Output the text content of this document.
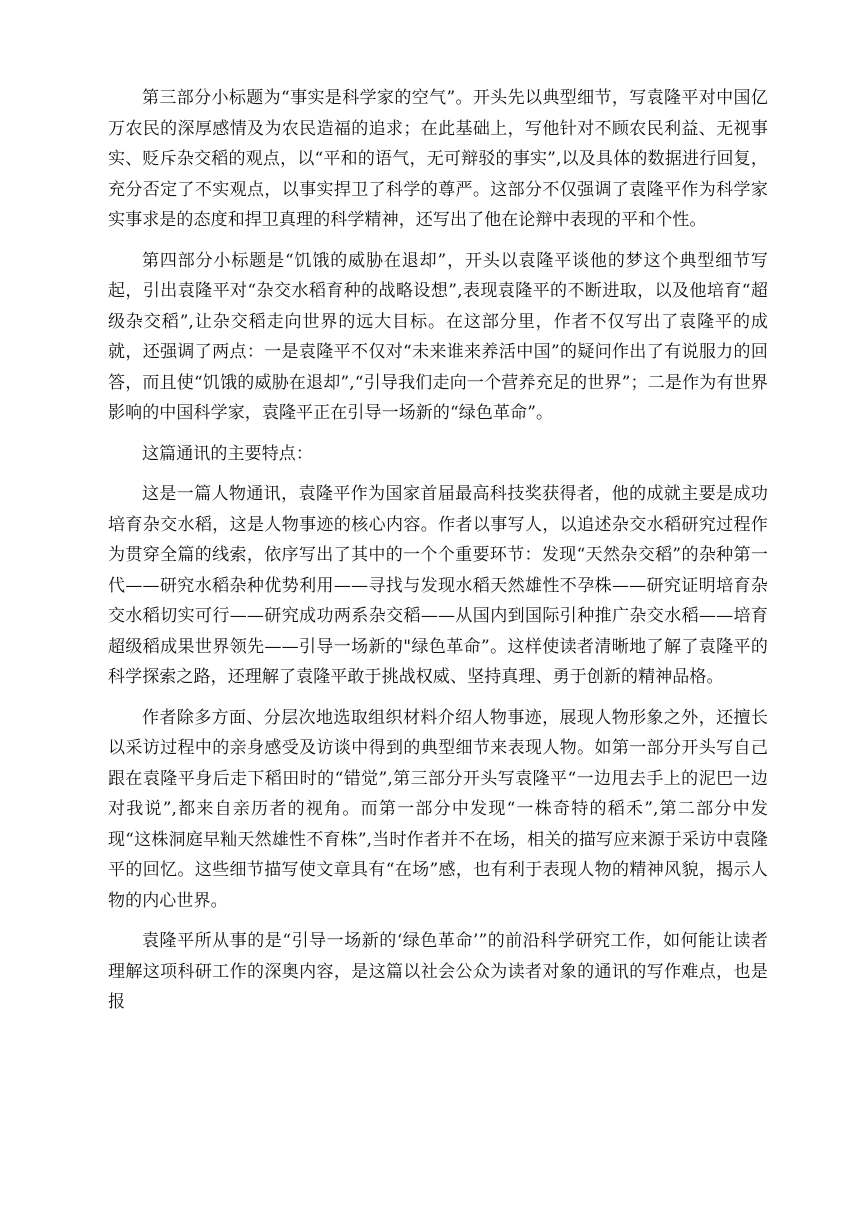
第三部分小标题为“事实是科学家的空气”。开头先以典型细节，写袁隆平对中国亿万农民的深厚感情及为农民造福的追求；在此基础上，写他针对不顾农民利益、无视事实、贬斥杂交稻的观点，以“平和的语气，无可辩驳的事实”,以及具体的数据进行回复，充分否定了不实观点，以事实捍卫了科学的尊严。这部分不仅强调了袁隆平作为科学家实事求是的态度和捍卫真理的科学精神，还写出了他在论辩中表现的平和个性。

第四部分小标题是“饥饿的威胁在退却”，开头以袁隆平谈他的梦这个典型细节写起，引出袁隆平对“杂交水稻育种的战略设想”,表现袁隆平的不断进取，以及他培育“超级杂交稻”,让杂交稻走向世界的远大目标。在这部分里，作者不仅写出了袁隆平的成就，还强调了两点：一是袁隆平不仅对“未来谁来养活中国”的疑问作出了有说服力的回答，而且使“饥饿的威胁在退却”,“引导我们走向一个营养充足的世界”；二是作为有世界影响的中国科学家，袁隆平正在引导一场新的“绿色革命”。

这篇通讯的主要特点：

这是一篇人物通讯，袁隆平作为国家首届最高科技奖获得者，他的成就主要是成功培育杂交水稻，这是人物事迹的核心内容。作者以事写人，以追述杂交水稻研究过程作为贯穿全篇的线索，依序写出了其中的一个个重要环节：发现“天然杂交稻”的杂种第一代——研究水稻杂种优势利用——寻找与发现水稻天然雄性不孕株——研究证明培育杂交水稻切实可行——研究成功两系杂交稻——从国内到国际引种推广杂交水稻——培育超级稻成果世界领先——引导一场新的"绿色革命”。这样使读者清晰地了解了袁隆平的科学探索之路，还理解了袁隆平敢于挑战权威、坚持真理、勇于创新的精神品格。

作者除多方面、分层次地选取组织材料介绍人物事迹，展现人物形象之外，还擅长以采访过程中的亲身感受及访谈中得到的典型细节来表现人物。如第一部分开头写自己跟在袁隆平身后走下稻田时的“错觉”,第三部分开头写袁隆平“一边甩去手上的泥巴一边对我说”,都来自亲历者的视角。而第一部分中发现“一株奇特的稻禾”,第二部分中发现“这株洞庭早籼天然雄性不育株”,当时作者并不在场，相关的描写应来源于采访中袁隆平的回忆。这些细节描写使文章具有“在场”感，也有利于表现人物的精神风貌，揭示人物的内心世界。

袁隆平所从事的是“引导一场新的‘绿色革命’”的前沿科学研究工作，如何能让读者理解这项科研工作的深奥内容，是这篇以社会公众为读者对象的通讯的写作难点，也是报
